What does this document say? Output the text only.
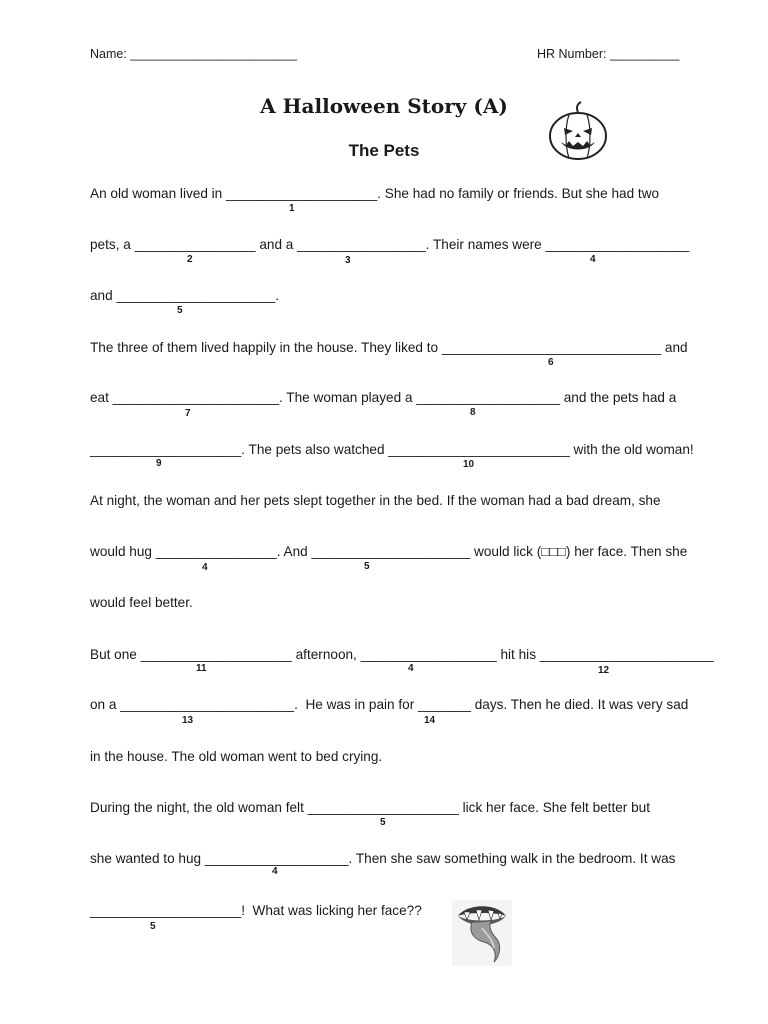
Name: ________________________	HR Number: __________
A Halloween Story (A)
The Pets

An old woman lived in ____________________. She had no family or friends. But she had two
pets, a ________________ and a _________________. Their names were ___________________
and _____________________.
The three of them lived happily in the house. They liked to _____________________________ and
eat ______________________. The woman played a ___________________ and the pets had a
____________________. The pets also watched ________________________ with the old woman!
At night, the woman and her pets slept together in the bed. If the woman had a bad dream, she
would hug ________________. And _____________________ would lick (□□□) her face. Then she
would feel better.
But one ____________________ afternoon, __________________ hit his _______________________
on a _______________________.  He was in pain for _______ days. Then he died. It was very sad
in the house. The old woman went to bed crying.
During the night, the old woman felt ____________________ lick her face. She felt better but
she wanted to hug ___________________. Then she saw something walk in the bedroom. It was
____________________!  What was licking her face??
1
2	3	4
5
6
7	8
9	10
4	5
11	4	12
13	14
5
4
5
